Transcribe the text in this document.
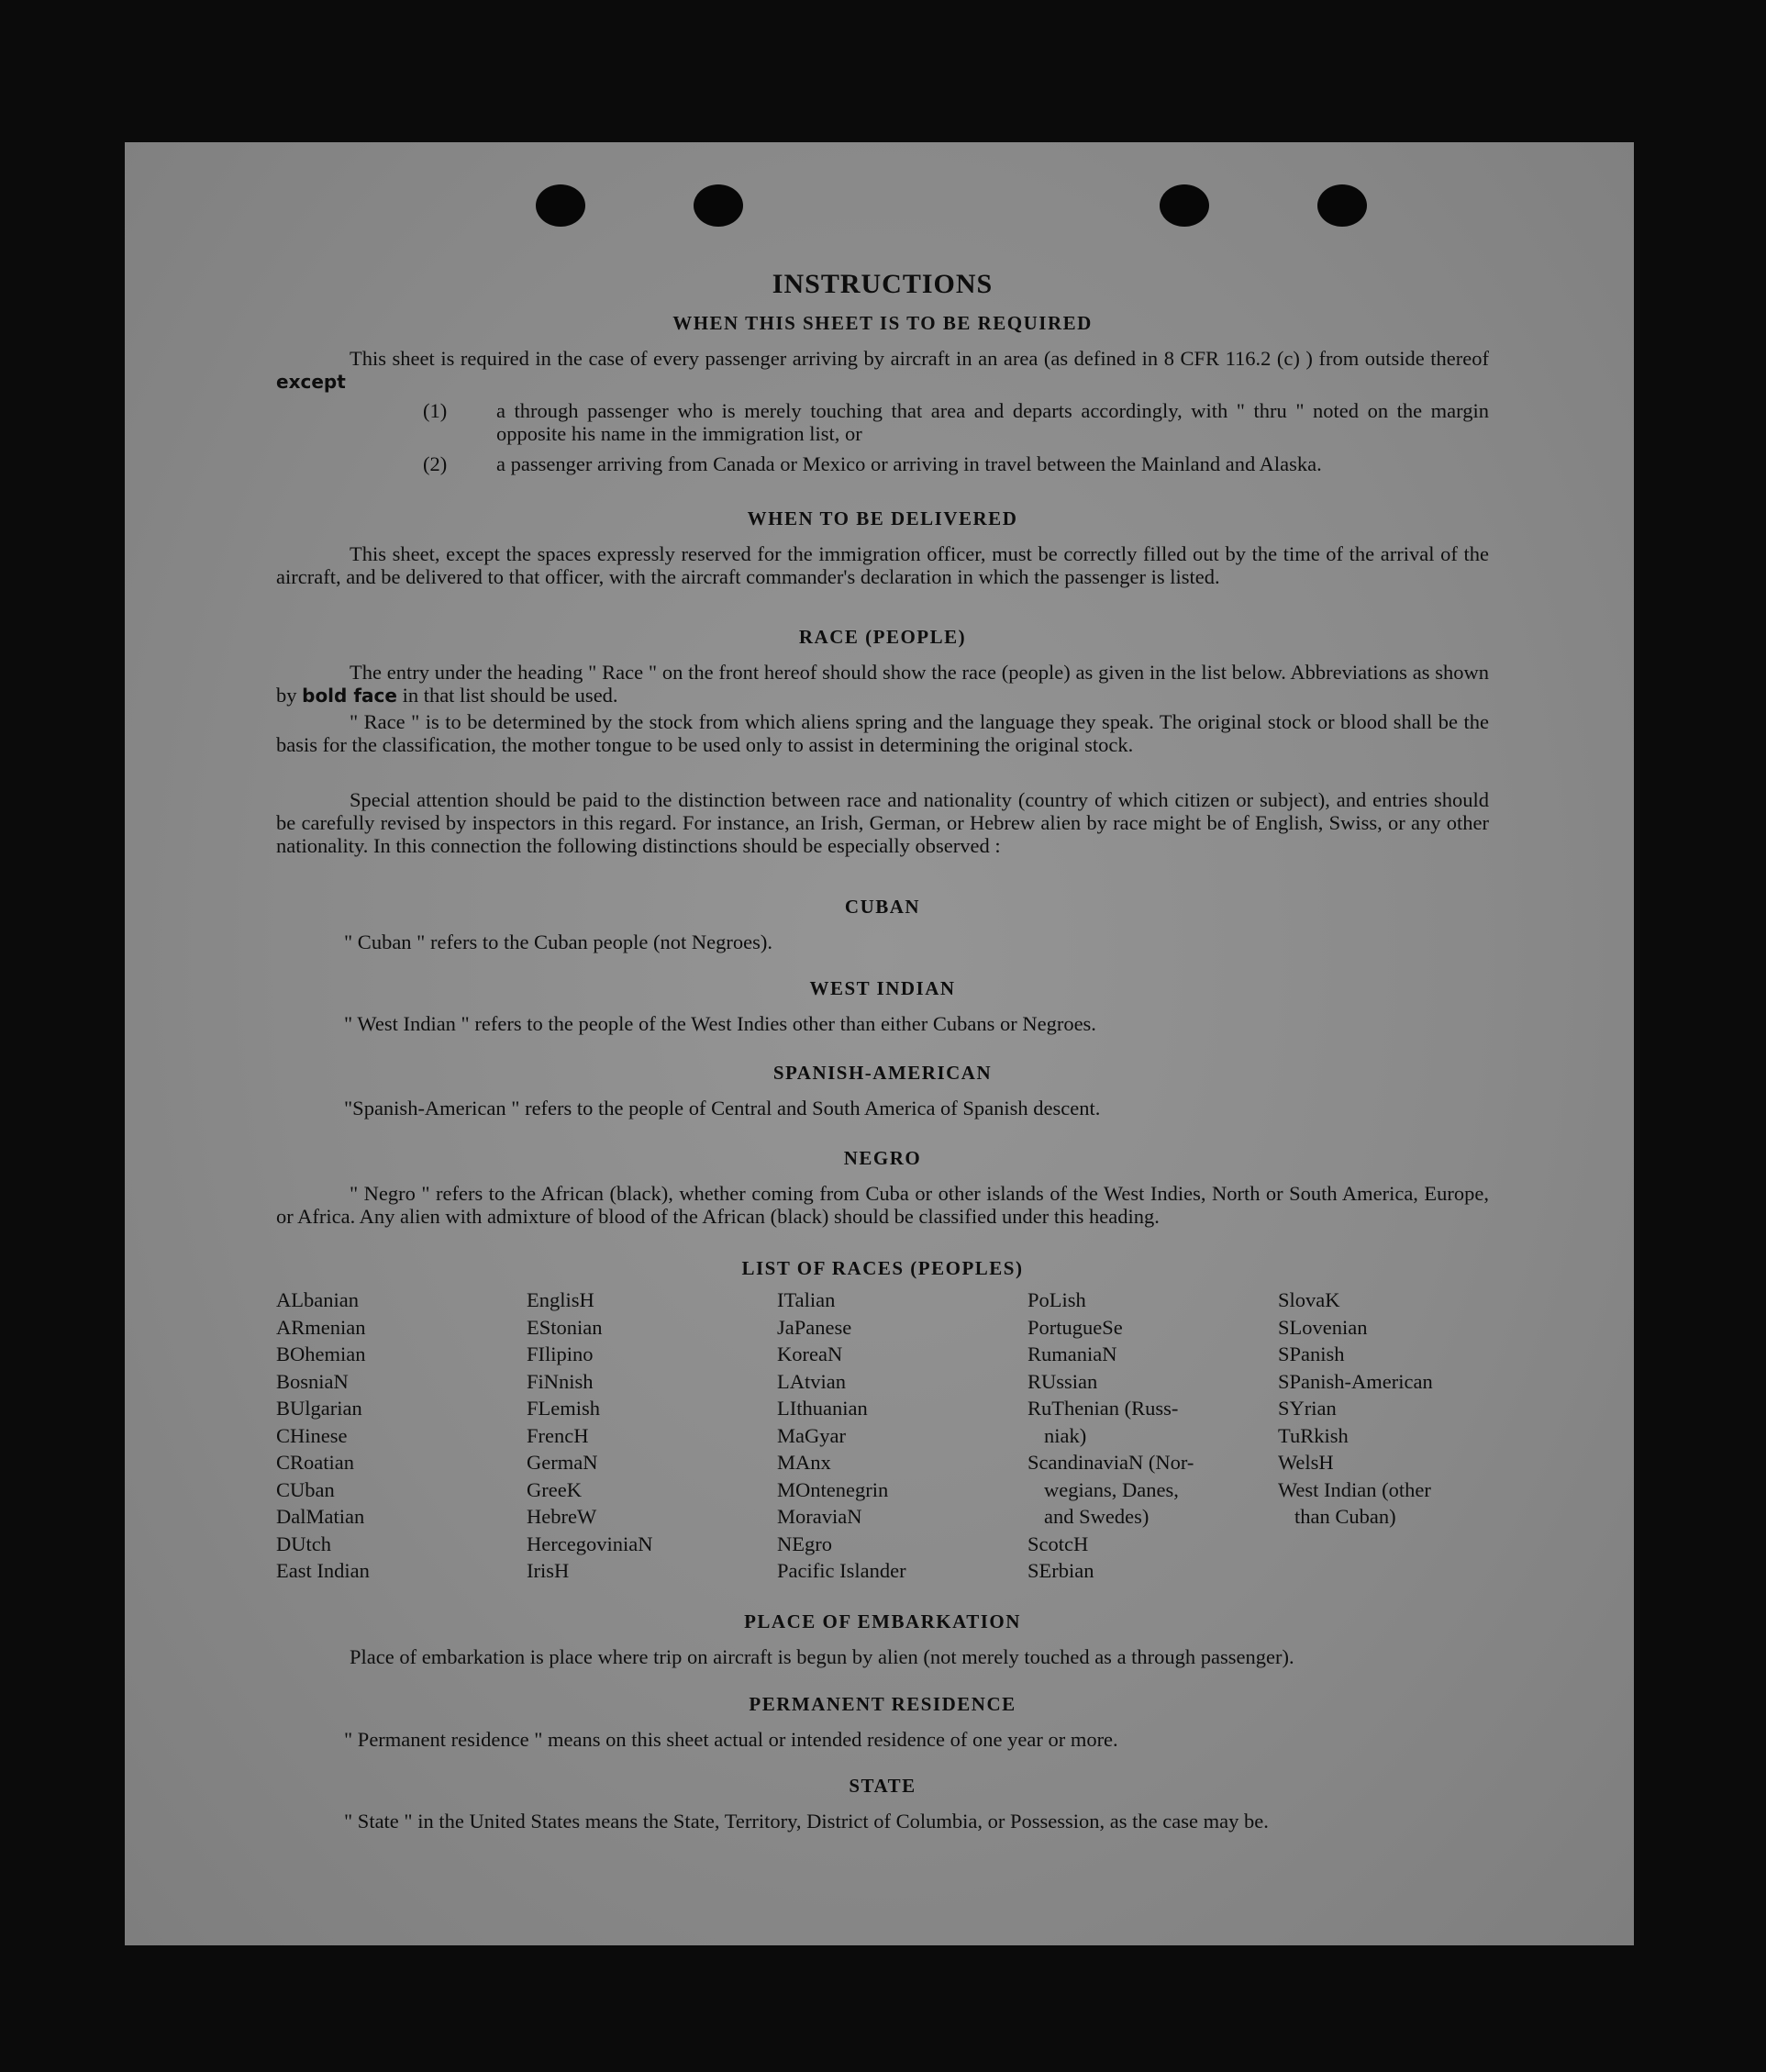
INSTRUCTIONS
WHEN THIS SHEET IS TO BE REQUIRED

This sheet is required in the case of every passenger arriving by aircraft in an area (as defined in 8 CFR 116.2 (c) ) from outside thereof except

(1) a through passenger who is merely touching that area and departs accordingly, with " thru " noted on the margin opposite his name in the immigration list, or

(2) a passenger arriving from Canada or Mexico or arriving in travel between the Mainland and Alaska.

WHEN TO BE DELIVERED

This sheet, except the spaces expressly reserved for the immigration officer, must be correctly filled out by the time of the arrival of the aircraft, and be delivered to that officer, with the aircraft commander's declaration in which the passenger is listed.

RACE (PEOPLE)

The entry under the heading " Race " on the front hereof should show the race (people) as given in the list below. Abbreviations as shown by bold face in that list should be used.

" Race " is to be determined by the stock from which aliens spring and the language they speak. The original stock or blood shall be the basis for the classification, the mother tongue to be used only to assist in determining the original stock.

Special attention should be paid to the distinction between race and nationality (country of which citizen or subject), and entries should be carefully revised by inspectors in this regard. For instance, an Irish, German, or Hebrew alien by race might be of English, Swiss, or any other nationality. In this connection the following distinctions should be especially observed :

CUBAN

" Cuban " refers to the Cuban people (not Negroes).

WEST INDIAN

" West Indian " refers to the people of the West Indies other than either Cubans or Negroes.

SPANISH-AMERICAN

"Spanish-American " refers to the people of Central and South America of Spanish descent.

NEGRO

" Negro " refers to the African (black), whether coming from Cuba or other islands of the West Indies, North or South America, Europe, or Africa. Any alien with admixture of blood of the African (black) should be classified under this heading.

LIST OF RACES (PEOPLES)
ALbanian
ARmenian
BOhemian
BosniaN
BUlgarian
CHinese
CRoatian
CUban
DalMatian
DUtch
East Indian
EnglisH
EStonian
FIlipino
FiNnish
FLemish
FrencH
GermaN
GreeK
HebreW
HercegoviniaN
IrisH
ITalian
JaPanese
KoreaN
LAtvian
LIthuanian
MaGyar
MAnx
MOntenegrin
MoraviaN
NEgro
Pacific Islander
PoLish
PortugueSe
RumaniaN
RUssian
RuThenian (Russ-
niak)
ScandinaviaN (Nor-
wegians, Danes,
and Swedes)
ScotcH
SErbian
SlovaK
SLovenian
SPanish
SPanish-American
SYrian
TuRkish
WelsH
West Indian (other
than Cuban)
PLACE OF EMBARKATION

Place of embarkation is place where trip on aircraft is begun by alien (not merely touched as a through passenger).

PERMANENT RESIDENCE

" Permanent residence " means on this sheet actual or intended residence of one year or more.

STATE

" State " in the United States means the State, Territory, District of Columbia, or Possession, as the case may be.
